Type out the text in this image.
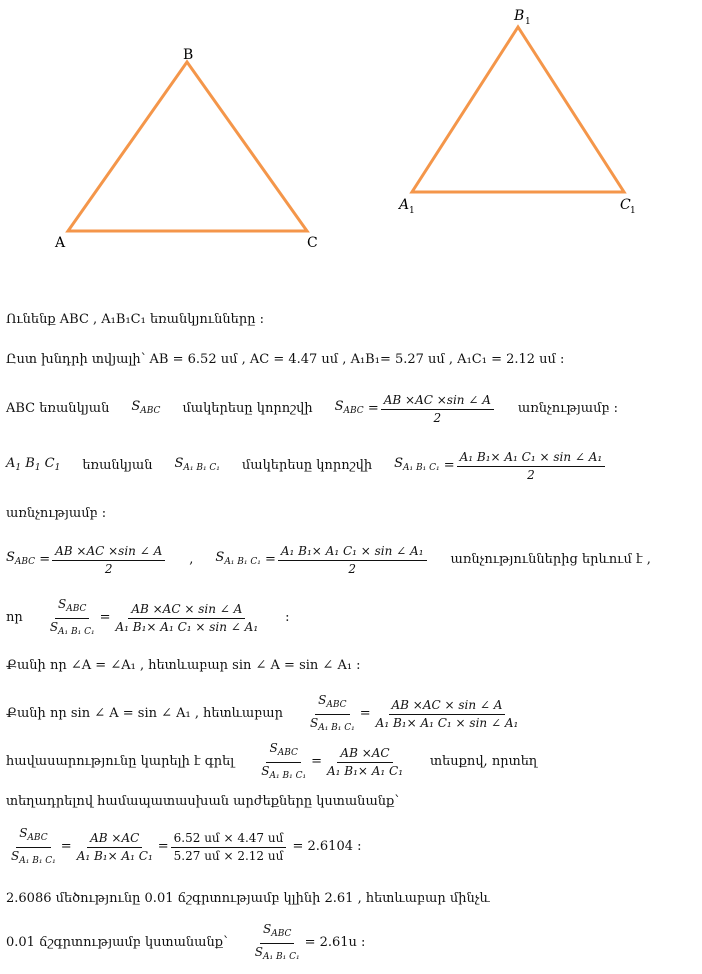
B
A	C
B 1
A 1	C 1
Ունենք ABC , A₁B₁C₁ եռանկյունները :
Ըստ խնդրի տվյալի՝ AB = 6.52 սմ , AC = 4.47 սմ , A₁B₁= 5.27 սմ , A₁C₁ = 2.12 սմ :
ABC եռանկյան $S_{ABC}$ մակերեսը կորոշվի $S_{ABC} = \frac{AB \times AC \times\sin \angle A}{2}$ առնչությամբ :
$A_1$ $B_1$ $C_1$ եռանկյան $S_{A_1 B_1 C_1}$ մակերեսը կորոշվի $S_{A_1 B_1 C_1} = \frac{\text{A₁ B₁× A₁ C₁ × sin ∠ A₁}}{2}$
առնչությամբ :
$S_{ABC} = \frac{AB \times AC \times\sin \angle A}{2}$ , $S_{A_1 B_1 C_1} = \frac{\text{A₁ B₁× A₁ C₁ × sin ∠ A₁}}{2}$ առնչություններից երևում է ,
որ $\frac{S_{ABC}}{S_{A_1 B_1 C_1}} = \frac{AB \times AC \times \sin \angle A}{\text{A₁ B₁× A₁ C₁ × sin ∠ A₁}}$ :
Քանի որ ∠A = ∠A₁ , հետևաբար sin ∠ A = sin ∠ A₁ :
Քանի որ sin ∠ A = sin ∠ A₁ , հետևաբար $\frac{S_{ABC}}{S_{A_1 B_1 C_1}} = \frac{AB \times AC \times \sin \angle A}{\text{A₁ B₁× A₁ C₁ × sin ∠ A₁}}$
հավասարությունը կարելի է գրել $\frac{S_{ABC}}{S_{A_1 B_1 C_1}} = \frac{AB \times AC}{\text{A₁ B₁× A₁ C₁}}$ տեսքով, որտեղ
տեղադրելով համապատասխան արժեքները կստանանք՝
$\frac{S_{ABC}}{S_{A_1 B_1 C_1}} = \frac{AB \times AC}{\text{A₁ B₁× A₁ C₁}} = \frac{\text{6.52 սմ × 4.47 սմ}}{\text{5.27 սմ × 2.12 սմ}}$
= 2.6104 :
2.6086 մեծությունը 0.01 ճշգրտությամբ կլինի 2.61 , հետևաբար մինչև
0.01 ճշգրտությամբ կստանանք՝ $\frac{S_{ABC}}{S_{A_1 B_1 C_1}}$ = 2.61ս :
